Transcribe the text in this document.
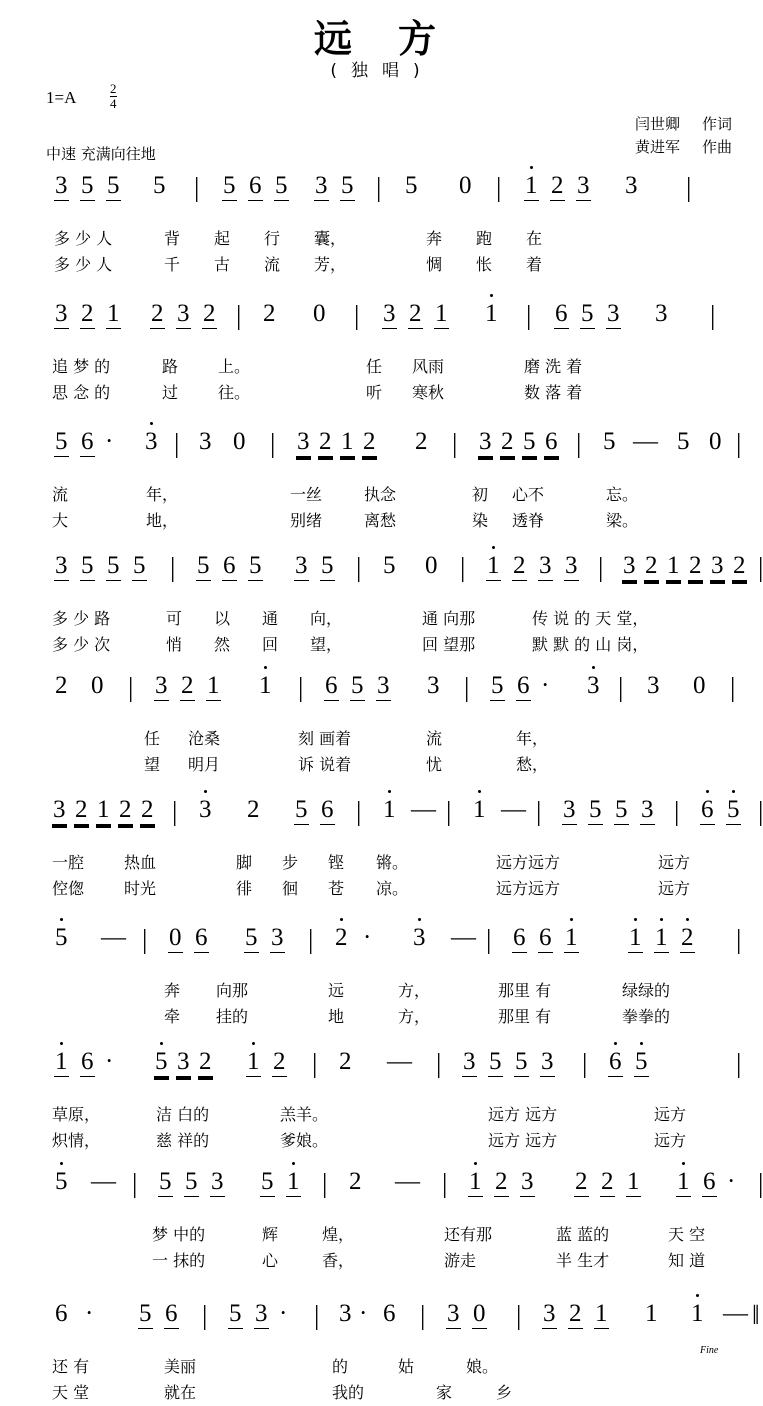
远方
(独唱)
1=A	$\frac{2}{4}$
闫世卿 作词
黄进军 作曲
中速 充满向往地
3 5 5 5 | 5 6 5 3 5 | 5 0 | 1 2 3 3 |
多 少 人	背 起 行 囊，	奔 跑 在
多 少 人	千 古 流 芳，	惆 怅 着
3 2 1 2 3 2 | 2 0 | 3 2 1 1 | 6 5 3 3 |
追 梦 的	路 上。	任 风雨	磨 洗 着
思 念 的	过 往。	听 寒秋	数 落 着
5 6 · 3 | 3 0 | 3 2 1 2 2 | 3 2 5 6 | 5 — 5 0 |
流	年，	一丝	执念	初 心不	忘。
大	地，	别绪	离愁	染 透脊	梁。
3 5 5 5 | 5 6 5 3 5 | 5 0 | 1 2 3 3 | 3 2 1 2 3 2 |
多 少 路	可 以 通 向，	通 向那	传 说 的 天 堂，
多 少 次	悄 然 回 望，	回 望那	默 默 的 山 岗，
2 0 | 3 2 1 1 | 6 5 3 3 | 5 6 · 3 | 3 0 |
任 沧桑	刻 画着	流	年，
望 明月	诉 说着	忧	愁，
3 2 1 2 2 | 3 2 5 6 | 1 — | 1 — | 3 5 5 3 | 6 5 |
一腔 热血	脚 步 铿 锵。	远方远方	远方
倥偬 时光	徘 徊 苍 凉。	远方远方	远方
5 — | 0 6 5 3 | 2 · 3 — | 6 6 1 1 1 2 |
奔 向那	远	方，	那里 有	绿绿的
牵 挂的	地	方，	那里 有	拳拳的
1 6 · 5 3 2 1 2 | 2 — | 3 5 5 3 | 6 5	|
草原，	洁 白的	羔羊。	远方 远方	远方
炽情，	慈 祥的	爹娘。	远方 远方	远方
5 — | 5 5 3 5 1 | 2 — | 1 2 3 2 2 1 1 6 · |
梦 中的	辉	煌，	还有那	蓝 蓝的	天 空
一 抹的	心	香，	游走	半 生才	知 道
6 · 5 6 | 5 3 · | 3 · 6 | 3 0 | 3 2 1 1 1 — ‖
还 有	美丽	的	姑	娘。
天 堂	就在	我的	家	乡
Fine
